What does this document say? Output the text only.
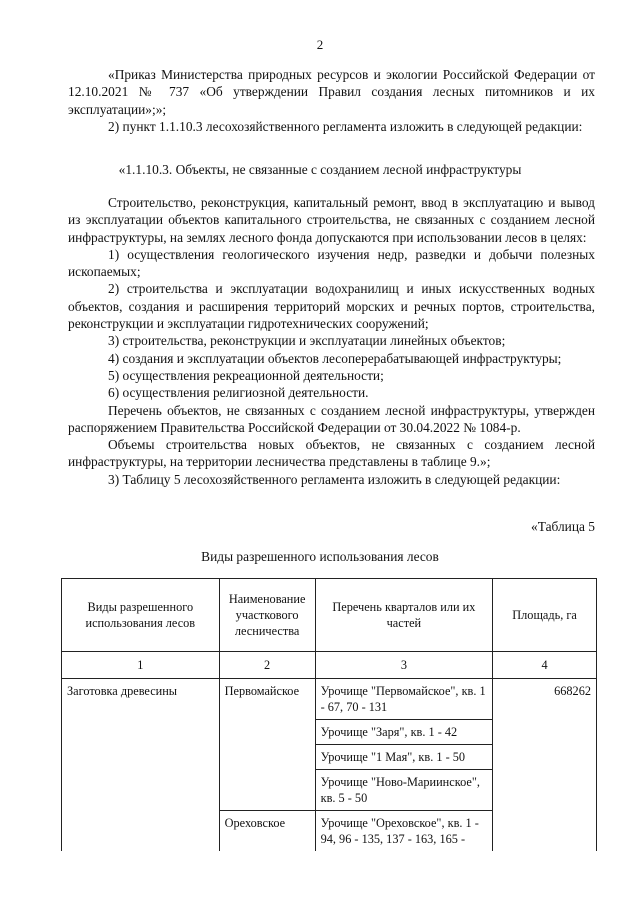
2

«Приказ Министерства природных ресурсов и экологии Российской Федерации от 12.10.2021 № 737 «Об утверждении Правил создания лесных питомников и их эксплуатации»;»;

2) пункт 1.1.10.3 лесохозяйственного регламента изложить в следующей редакции:

«1.1.10.3. Объекты, не связанные с созданием лесной инфраструктуры

Строительство, реконструкция, капитальный ремонт, ввод в эксплуатацию и вывод из эксплуатации объектов капитального строительства, не связанных с созданием лесной инфраструктуры, на землях лесного фонда допускаются при использовании лесов в целях:

1) осуществления геологического изучения недр, разведки и добычи полезных ископаемых;

2) строительства и эксплуатации водохранилищ и иных искусственных водных объектов, создания и расширения территорий морских и речных портов, строительства, реконструкции и эксплуатации гидротехнических сооружений;

3) строительства, реконструкции и эксплуатации линейных объектов;

4) создания и эксплуатации объектов лесоперерабатывающей инфраструктуры;

5) осуществления рекреационной деятельности;

6) осуществления религиозной деятельности.

Перечень объектов, не связанных с созданием лесной инфраструктуры, утвержден распоряжением Правительства Российской Федерации от 30.04.2022 № 1084-р.

Объемы строительства новых объектов, не связанных с созданием лесной инфраструктуры, на территории лесничества представлены в таблице 9.»;

3) Таблицу 5 лесохозяйственного регламента изложить в следующей редакции:

«Таблица 5
Виды разрешенного использования лесов
Виды разрешенного использования лесов	Наименование участкового лесничества	Перечень кварталов или их частей	Площадь, га
1	2	3	4
Заготовка древесины	Первомайское	Урочище "Первомайское", кв. 1 - 67, 70 - 131	668262
		Урочище "Заря", кв. 1 - 42	
		Урочище "1 Мая", кв. 1 - 50	
		Урочище "Ново-Мариинское", кв. 5 - 50	
	Ореховское	Урочище "Ореховское", кв. 1 - 94, 96 - 135, 137 - 163, 165 -	
